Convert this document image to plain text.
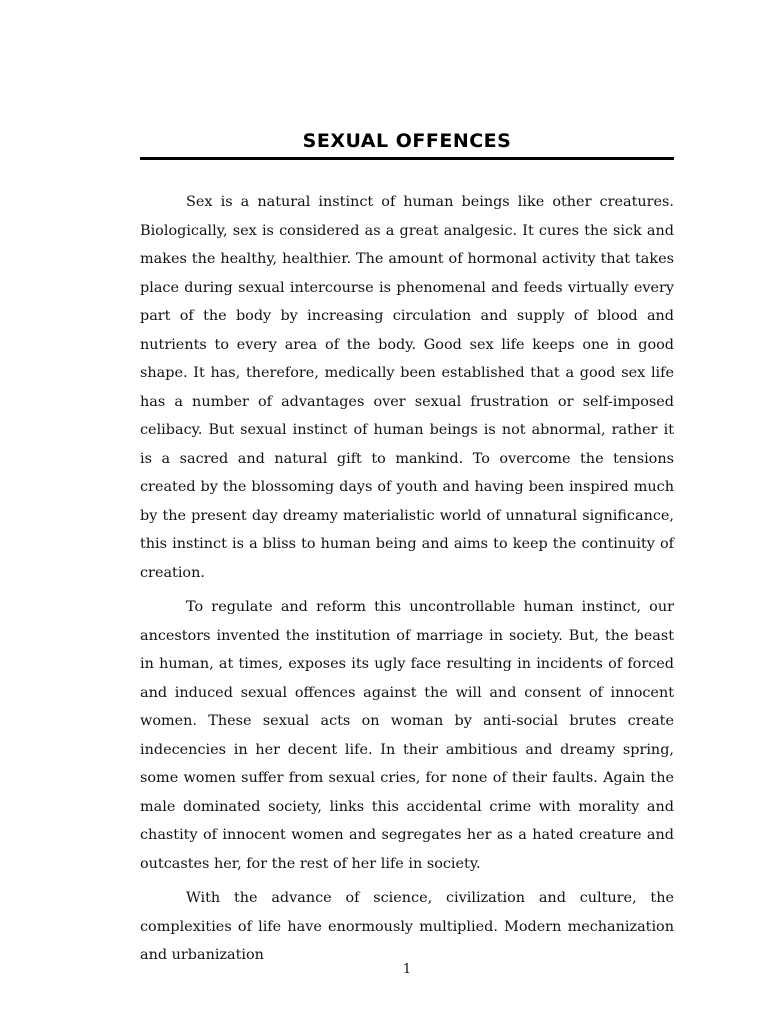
SEXUAL OFFENCES

Sex is a natural instinct of human beings like other creatures. Biologically, sex is considered as a great analgesic. It cures the sick and makes the healthy, healthier. The amount of hormonal activity that takes place during sexual intercourse is phenomenal and feeds virtually every part of the body by increasing circulation and supply of blood and nutrients to every area of the body. Good sex life keeps one in good shape. It has, therefore, medically been established that a good sex life has a number of advantages over sexual frustration or self-imposed celibacy. But sexual instinct of human beings is not abnormal, rather it is a sacred and natural gift to mankind. To overcome the tensions created by the blossoming days of youth and having been inspired much by the present day dreamy materialistic world of unnatural significance, this instinct is a bliss to human being and aims to keep the continuity of creation.

To regulate and reform this uncontrollable human instinct, our ancestors invented the institution of marriage in society. But, the beast in human, at times, exposes its ugly face resulting in incidents of forced and induced sexual offences against the will and consent of innocent women. These sexual acts on woman by anti-social brutes create indecencies in her decent life. In their ambitious and dreamy spring, some women suffer from sexual cries, for none of their faults. Again the male dominated society, links this accidental crime with morality and chastity of innocent women and segregates her as a hated creature and outcastes her, for the rest of her life in society.

With the advance of science, civilization and culture, the complexities of life have enormously multiplied. Modern mechanization and urbanization

1
